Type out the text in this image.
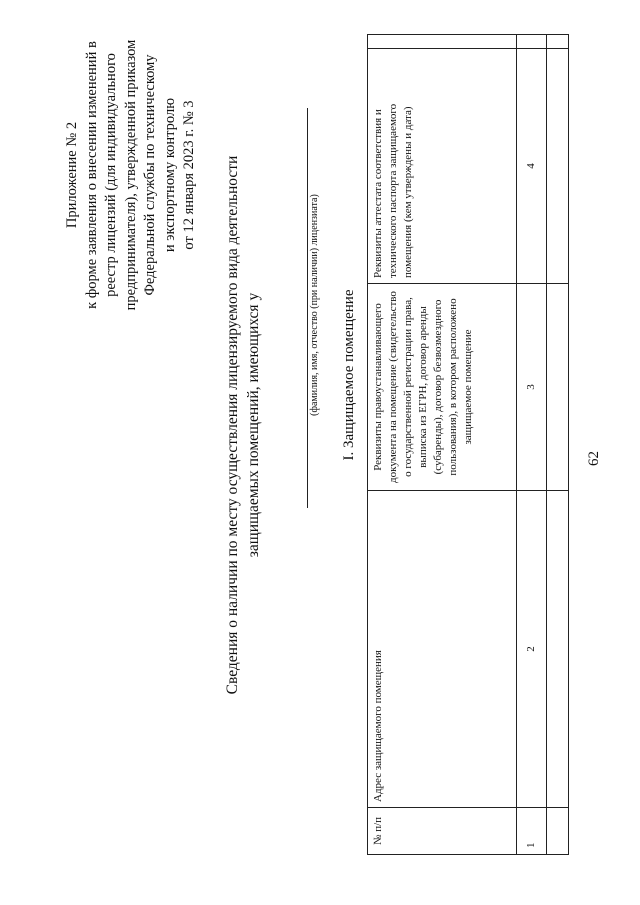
62
Приложение № 2 к форме заявления о внесении изменений в реестр лицензий (для индивидуального предпринимателя), утвержденной приказом Федеральной службы по техническому и экспортному контролю от 12 января 2023 г. № 3 Сведения о наличии по месту осуществления лицензируемого вида деятельности защищаемых помещений, имеющихся у	(фамилия, имя, отчество (при наличии) лицензиата) I. Защищаемое помещение
№ п/п	Адрес защищаемого помещения	Реквизиты правоустанавливающего документа на помещение (свидетельство о государственной регистрации права, выписка из ЕГРН, договор аренды (субаренды), договор безвозмездного пользования), в котором расположено защищаемое помещение	Реквизиты аттестата соответствия и технического паспорта защищаемого помещения (кем утверждены и дата)	
1	2	3	4	
